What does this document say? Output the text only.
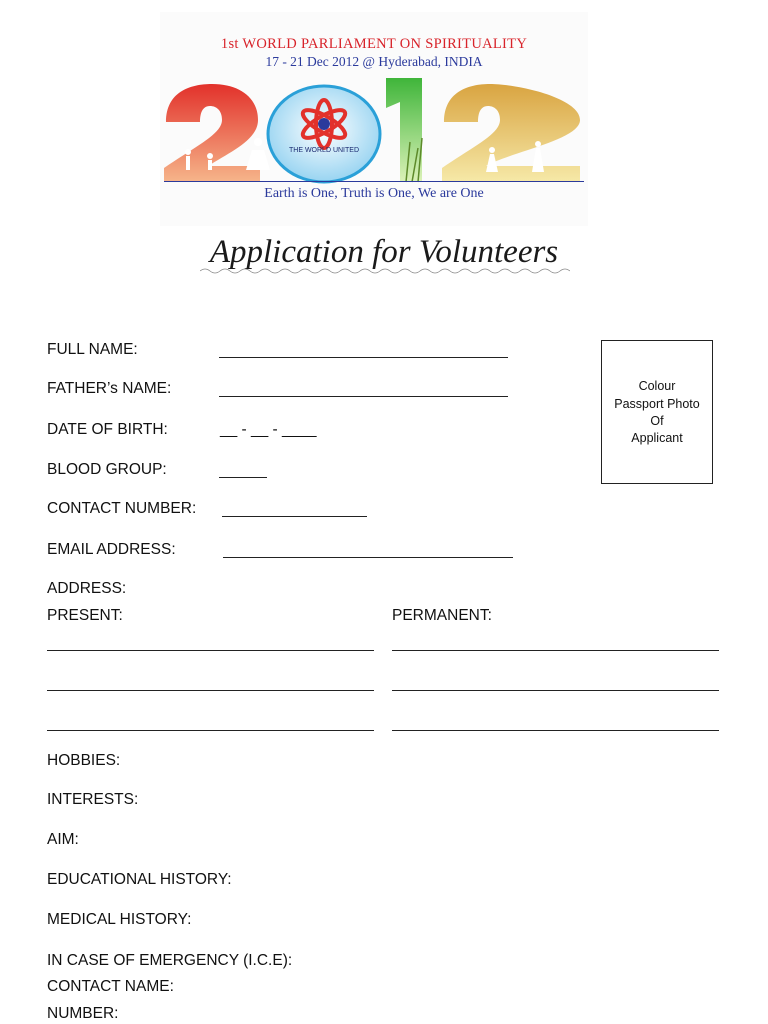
1st WORLD PARLIAMENT ON SPIRITUALITY
17 - 21 Dec 2012 @ Hyderabad, INDIA
THE WORLD UNITED
Earth is One, Truth is One, We are One
Application for Volunteers
Colour
Passport Photo
Of
Applicant
FULL NAME:
FATHER’s NAME:
DATE OF BIRTH:	__ - __ - ____
BLOOD GROUP:
CONTACT NUMBER:
EMAIL ADDRESS:
ADDRESS:
PRESENT:	PERMANENT:
HOBBIES:
INTERESTS:
AIM:
EDUCATIONAL HISTORY:
MEDICAL HISTORY:
IN CASE OF EMERGENCY (I.C.E):
CONTACT NAME:
NUMBER:
